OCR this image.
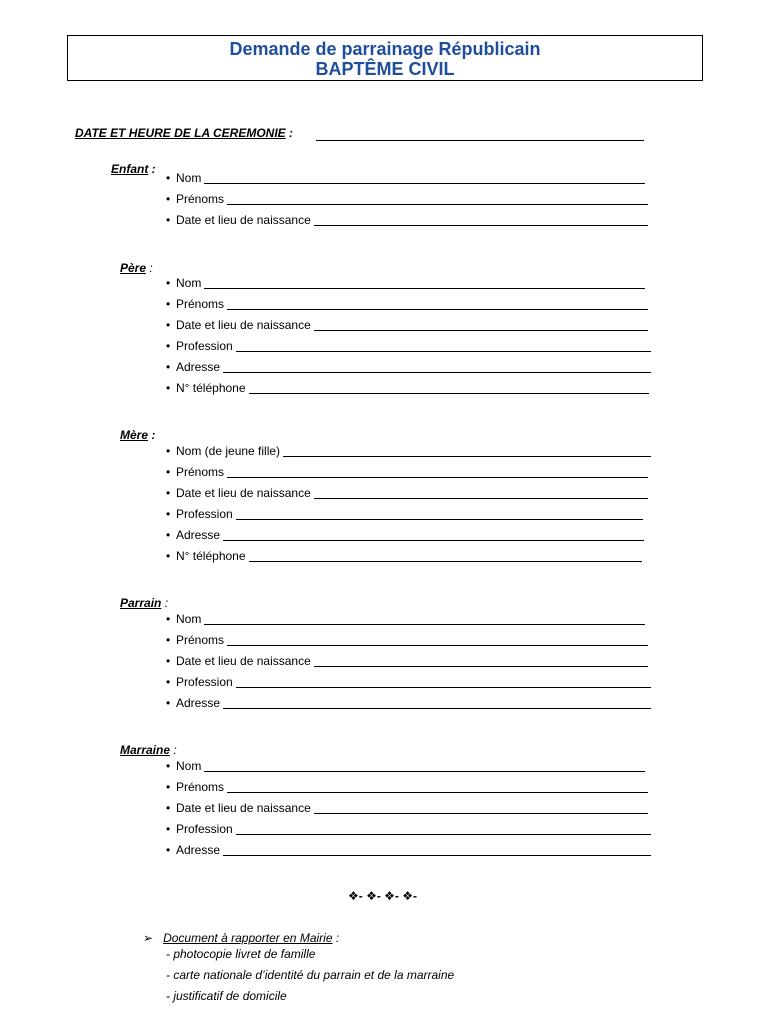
Demande de parrainage Républicain
BAPTÊME CIVIL
DATE ET HEURE DE LA CEREMONIE :
Enfant :
• Nom
• Prénoms
• Date et lieu de naissance
Père :
• Nom
• Prénoms
• Date et lieu de naissance
• Profession
• Adresse
• N° téléphone
Mère :
• Nom (de jeune fille)
• Prénoms
• Date et lieu de naissance
• Profession
• Adresse
• N° téléphone
Parrain :
• Nom
• Prénoms
• Date et lieu de naissance
• Profession
• Adresse
Marraine :
• Nom
• Prénoms
• Date et lieu de naissance
• Profession
• Adresse
❖- ❖- ❖- ❖-
➢ Document à rapporter en Mairie :
- photocopie livret de famille
- carte nationale d’identité du parrain et de la marraine
- justificatif de domicile
